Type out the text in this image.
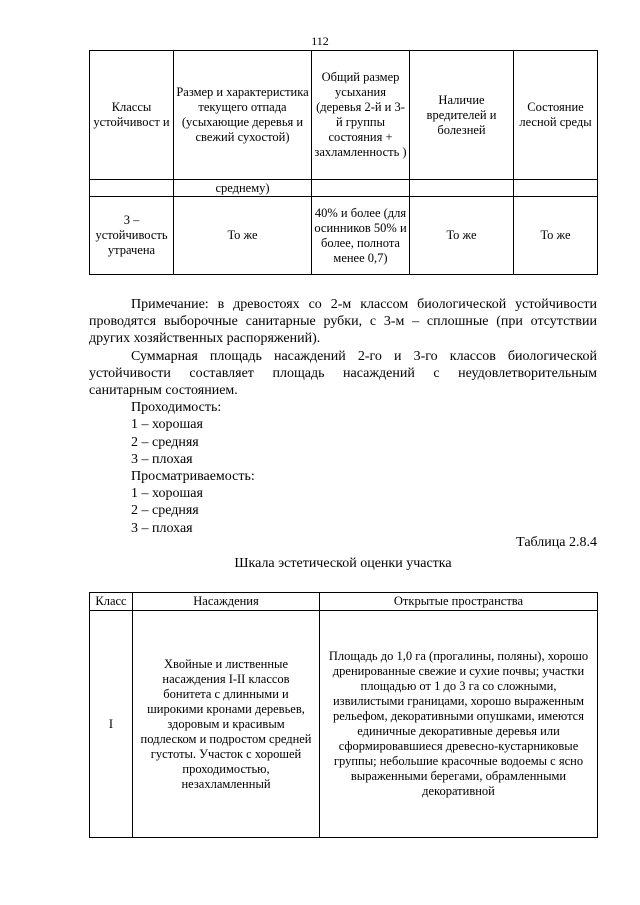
112
Классы устойчивост и	Размер и характеристика текущего отпада (усыхающие деревья и свежий сухостой)	Общий размер усыхания (деревья 2-й и 3-й группы состояния + захламленность )	Наличие вредителей и болезней	Состояние лесной среды
	среднему)			
3 – устойчивость утрачена	То же	40% и более (для осинников 50% и более, полнота менее 0,7)	То же	То же

Примечание: в древостоях со 2-м классом биологической устойчивости проводятся выборочные санитарные рубки, с 3-м – сплошные (при отсутствии других хозяйственных распоряжений).

Суммарная площадь насаждений 2-го и 3-го классов биологической устойчивости составляет площадь насаждений с неудовлетворительным санитарным состоянием.

Проходимость:

1 – хорошая

2 – средняя

3 – плохая

Просматриваемость:

1 – хорошая

2 – средняя

3 – плохая

Таблица 2.8.4
Шкала эстетической оценки участка
Класс	Насаждения	Открытые пространства
I	Хвойные и лиственные насаждения I-II классов бонитета с длинными и широкими кронами деревьев, здоровым и красивым подлеском и подростом средней густоты. Участок с хорошей проходимостью, незахламленный	Площадь до 1,0 га (прогалины, поляны), хорошо дренированные свежие и сухие почвы; участки площадью от 1 до 3 га со сложными, извилистыми границами, хорошо выраженным рельефом, декоративными опушками, имеются единичные декоративные деревья или сформировавшиеся древесно-кустарниковые группы; небольшие красочные водоемы с ясно выраженными берегами, обрамленными декоративной
